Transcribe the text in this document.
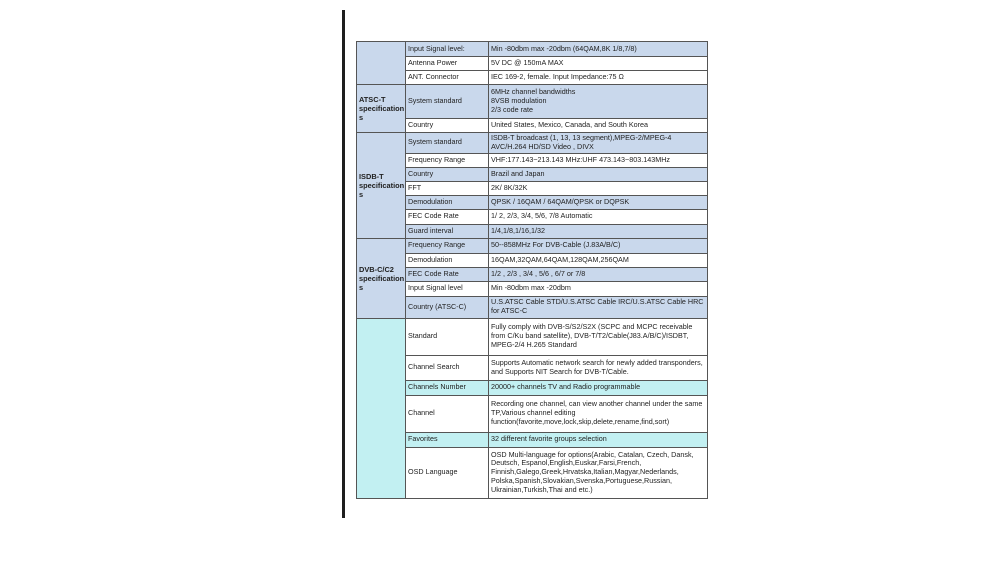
	Input Signal level:	Min -80dbm max -20dbm (64QAM,8K 1/8,7/8)
	Antenna Power	5V DC @ 150mA MAX
	ANT. Connector	IEC 169-2, female. Input Impedance:75 Ω
ATSC-T specification s	System standard	6MHz channel bandwidths
8VSB modulation
2/3 code rate
	Country	United States, Mexico, Canada, and South Korea
ISDB-T specification s	System standard	ISDB-T broadcast (1, 13, 13 segment),MPEG-2/MPEG-4 AVC/H.264 HD/SD Video , DIVX
	Frequency Range	VHF:177.143~213.143 MHz:UHF 473.143~803.143MHz
	Country	Brazil and Japan
	FFT	2K/ 8K/32K
	Demodulation	QPSK / 16QAM / 64QAM/QPSK or DQPSK
	FEC Code Rate	1/ 2, 2/3, 3/4, 5/6, 7/8 Automatic
	Guard interval	1/4,1/8,1/16,1/32
DVB-C/C2 specification s	Frequency Range	50--858MHz For DVB-Cable (J.83A/B/C)
	Demodulation	16QAM,32QAM,64QAM,128QAM,256QAM
	FEC Code Rate	1/2 , 2/3 , 3/4 , 5/6 , 6/7 or 7/8
	Input Signal level	Min -80dbm max -20dbm
	Country (ATSC-C)	U.S.ATSC Cable STD/U.S.ATSC Cable IRC/U.S.ATSC Cable HRC for ATSC-C
	Standard	Fully comply with DVB-S/S2/S2X (SCPC and MCPC receivable from C/Ku band satellite), DVB-T/T2/Cable(J83.A/B/C)/ISDBT, MPEG-2/4 H.265 Standard
	Channel Search	Supports Automatic network search for newly added transponders, and Supports NIT Search for DVB-T/Cable.
	Channels Number	20000+ channels TV and Radio programmable
	Channel	Recording one channel, can view another channel under the same TP,Various channel editing function(favorite,move,lock,skip,delete,rename,find,sort)
	Favorites	32 different favorite groups selection
	OSD Language	OSD Multi-language for options(Arabic, Catalan, Czech, Dansk, Deutsch, Espanol,English,Euskar,Farsi,French, Finnish,Galego,Greek,Hrvatska,Italian,Magyar,Nederlands, Polska,Spanish,Slovakian,Svenska,Portuguese,Russian, Ukrainian,Turkish,Thai and etc.)
